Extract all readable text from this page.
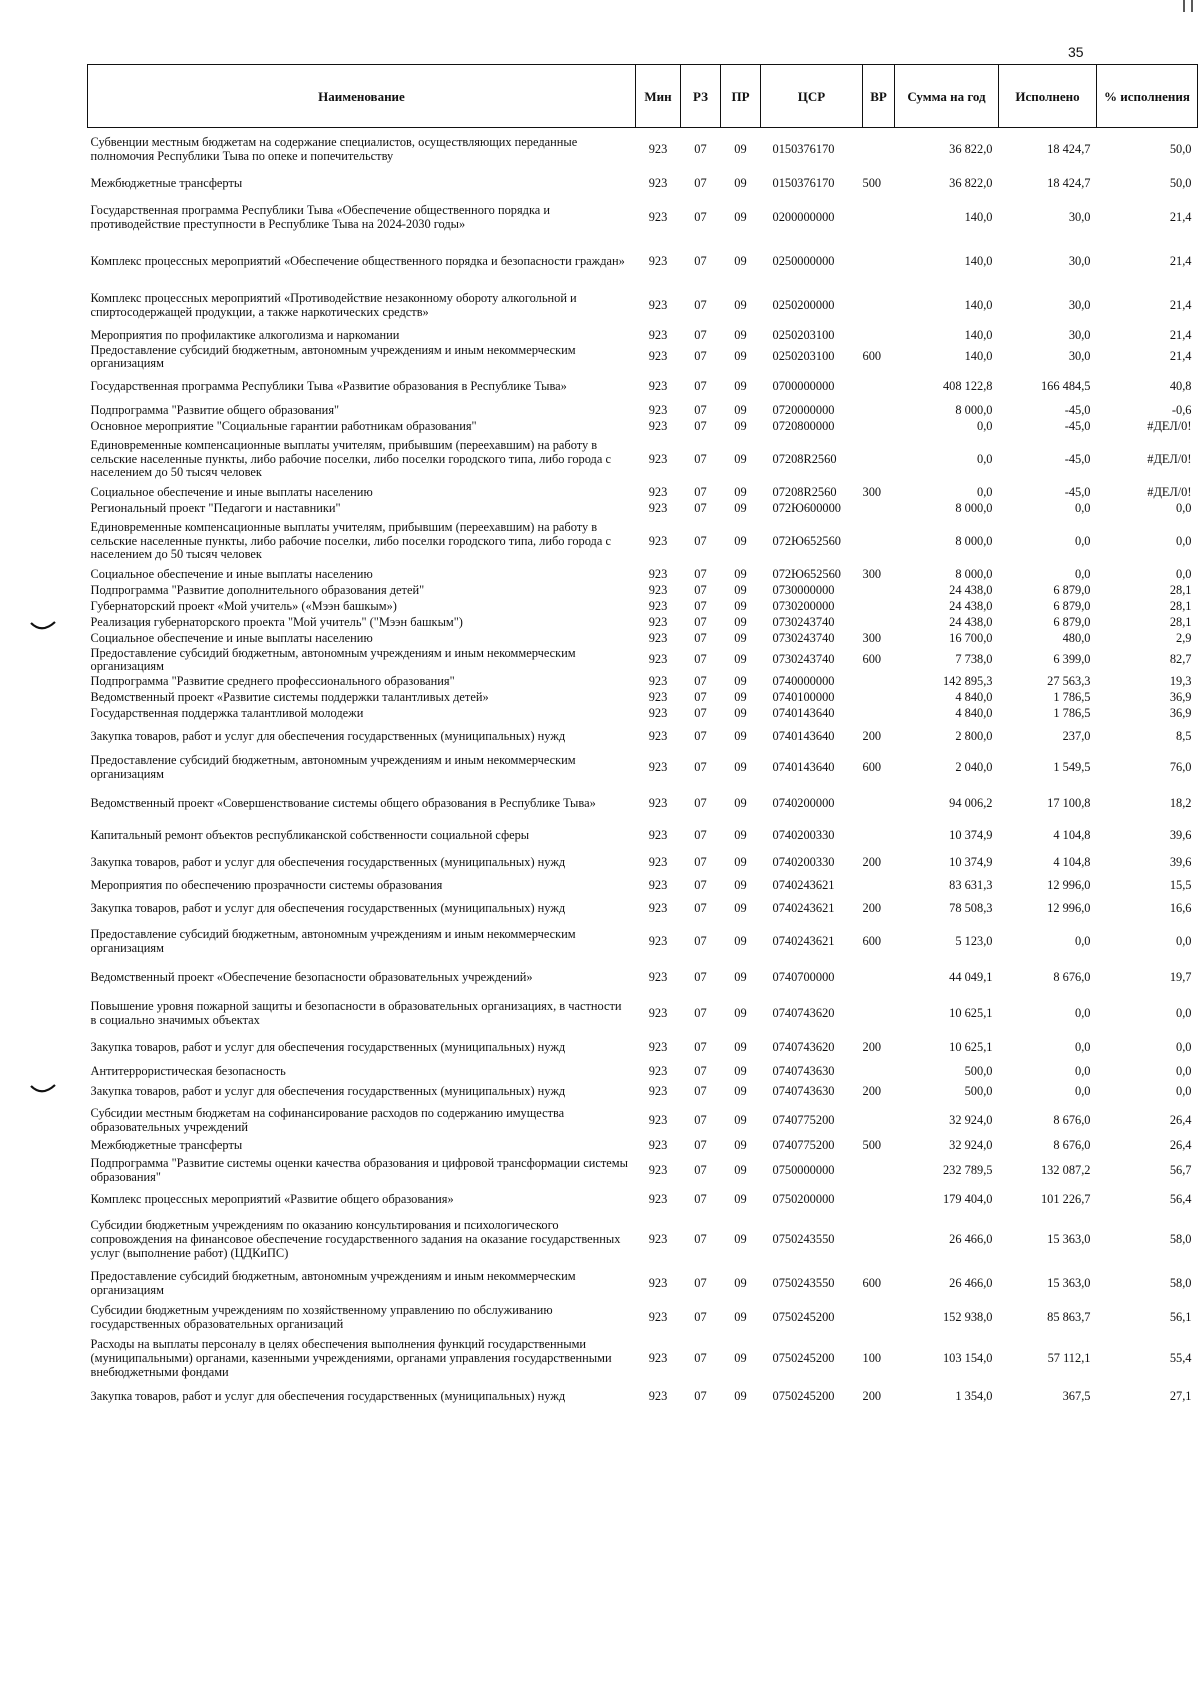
35
Наименование	Мин	РЗ	ПР	ЦСР	ВР	Сумма на год	Исполнено	% исполнения
Субвенции местным бюджетам на содержание специалистов, осуществляющих переданные полномочия Республики Тыва по опеке и попечительству	923	07	09	0150376170		36 822,0	18 424,7	50,0
Межбюджетные трансферты	923	07	09	0150376170	500	36 822,0	18 424,7	50,0
Государственная программа Республики Тыва «Обеспечение общественного порядка и противодействие преступности в Республике Тыва на 2024-2030 годы»	923	07	09	0200000000		140,0	30,0	21,4
Комплекс процессных мероприятий «Обеспечение общественного порядка и безопасности граждан»	923	07	09	0250000000		140,0	30,0	21,4
Комплекс процессных мероприятий «Противодействие незаконному обороту алкогольной и спиртосодержащей продукции, а также наркотических средств»	923	07	09	0250200000		140,0	30,0	21,4
Мероприятия по профилактике алкоголизма и наркомании	923	07	09	0250203100		140,0	30,0	21,4
Предоставление субсидий бюджетным, автономным учреждениям и иным некоммерческим организациям	923	07	09	0250203100	600	140,0	30,0	21,4
Государственная программа Республики Тыва «Развитие образования в Республике Тыва»	923	07	09	0700000000		408 122,8	166 484,5	40,8
Подпрограмма "Развитие общего образования"	923	07	09	0720000000		8 000,0	-45,0	-0,6
Основное мероприятие "Социальные гарантии работникам образования"	923	07	09	0720800000		0,0	-45,0	#ДЕЛ/0!
Единовременные компенсационные выплаты учителям, прибывшим (переехавшим) на работу в сельские населенные пункты, либо рабочие поселки, либо поселки городского типа, либо города с населением до 50 тысяч человек	923	07	09	07208R2560		0,0	-45,0	#ДЕЛ/0!
Социальное обеспечение и иные выплаты населению	923	07	09	07208R2560	300	0,0	-45,0	#ДЕЛ/0!
Региональный проект "Педагоги и наставники"	923	07	09	072Ю600000		8 000,0	0,0	0,0
Единовременные компенсационные выплаты учителям, прибывшим (переехавшим) на работу в сельские населенные пункты, либо рабочие поселки, либо поселки городского типа, либо города с населением до 50 тысяч человек	923	07	09	072Ю652560		8 000,0	0,0	0,0
Социальное обеспечение и иные выплаты населению	923	07	09	072Ю652560	300	8 000,0	0,0	0,0
Подпрограмма "Развитие дополнительного образования детей"	923	07	09	0730000000		24 438,0	6 879,0	28,1
Губернаторский проект «Мой учитель» («Мээн башкым»)	923	07	09	0730200000		24 438,0	6 879,0	28,1
Реализация губернаторского проекта "Мой учитель" ("Мээн башкым")	923	07	09	0730243740		24 438,0	6 879,0	28,1
Социальное обеспечение и иные выплаты населению	923	07	09	0730243740	300	16 700,0	480,0	2,9
Предоставление субсидий бюджетным, автономным учреждениям и иным некоммерческим организациям	923	07	09	0730243740	600	7 738,0	6 399,0	82,7
Подпрограмма "Развитие среднего профессионального образования"	923	07	09	0740000000		142 895,3	27 563,3	19,3
Ведомственный проект «Развитие системы поддержки талантливых детей»	923	07	09	0740100000		4 840,0	1 786,5	36,9
Государственная поддержка талантливой молодежи	923	07	09	0740143640		4 840,0	1 786,5	36,9
Закупка товаров, работ и услуг для обеспечения государственных (муниципальных) нужд	923	07	09	0740143640	200	2 800,0	237,0	8,5
Предоставление субсидий бюджетным, автономным учреждениям и иным некоммерческим организациям	923	07	09	0740143640	600	2 040,0	1 549,5	76,0
Ведомственный проект «Совершенствование системы общего образования в Республике Тыва»	923	07	09	0740200000		94 006,2	17 100,8	18,2
Капитальный ремонт объектов республиканской собственности социальной сферы	923	07	09	0740200330		10 374,9	4 104,8	39,6
Закупка товаров, работ и услуг для обеспечения государственных (муниципальных) нужд	923	07	09	0740200330	200	10 374,9	4 104,8	39,6
Мероприятия по обеспечению прозрачности системы образования	923	07	09	0740243621		83 631,3	12 996,0	15,5
Закупка товаров, работ и услуг для обеспечения государственных (муниципальных) нужд	923	07	09	0740243621	200	78 508,3	12 996,0	16,6
Предоставление субсидий бюджетным, автономным учреждениям и иным некоммерческим организациям	923	07	09	0740243621	600	5 123,0	0,0	0,0
Ведомственный проект «Обеспечение безопасности образовательных учреждений»	923	07	09	0740700000		44 049,1	8 676,0	19,7
Повышение уровня пожарной защиты и безопасности в образовательных организациях, в частности в социально значимых объектах	923	07	09	0740743620		10 625,1	0,0	0,0
Закупка товаров, работ и услуг для обеспечения государственных (муниципальных) нужд	923	07	09	0740743620	200	10 625,1	0,0	0,0
Антитеррористическая безопасность	923	07	09	0740743630		500,0	0,0	0,0
Закупка товаров, работ и услуг для обеспечения государственных (муниципальных) нужд	923	07	09	0740743630	200	500,0	0,0	0,0
Субсидии местным бюджетам на софинансирование расходов по содержанию имущества образовательных учреждений	923	07	09	0740775200		32 924,0	8 676,0	26,4
Межбюджетные трансферты	923	07	09	0740775200	500	32 924,0	8 676,0	26,4
Подпрограмма "Развитие системы оценки качества образования и цифровой трансформации системы образования"	923	07	09	0750000000		232 789,5	132 087,2	56,7
Комплекс процессных мероприятий «Развитие общего образования»	923	07	09	0750200000		179 404,0	101 226,7	56,4
Субсидии бюджетным учреждениям по оказанию консультирования и психологического сопровождения на финансовое обеспечение государственного задания на оказание государственных услуг (выполнение работ) (ЦДКиПС)	923	07	09	0750243550		26 466,0	15 363,0	58,0
Предоставление субсидий бюджетным, автономным учреждениям и иным некоммерческим организациям	923	07	09	0750243550	600	26 466,0	15 363,0	58,0
Субсидии бюджетным учреждениям по хозяйственному управлению по обслуживанию государственных образовательных организаций	923	07	09	0750245200		152 938,0	85 863,7	56,1
Расходы на выплаты персоналу в целях обеспечения выполнения функций государственными (муниципальными) органами, казенными учреждениями, органами управления государственными внебюджетными фондами	923	07	09	0750245200	100	103 154,0	57 112,1	55,4
Закупка товаров, работ и услуг для обеспечения государственных (муниципальных) нужд	923	07	09	0750245200	200	1 354,0	367,5	27,1
